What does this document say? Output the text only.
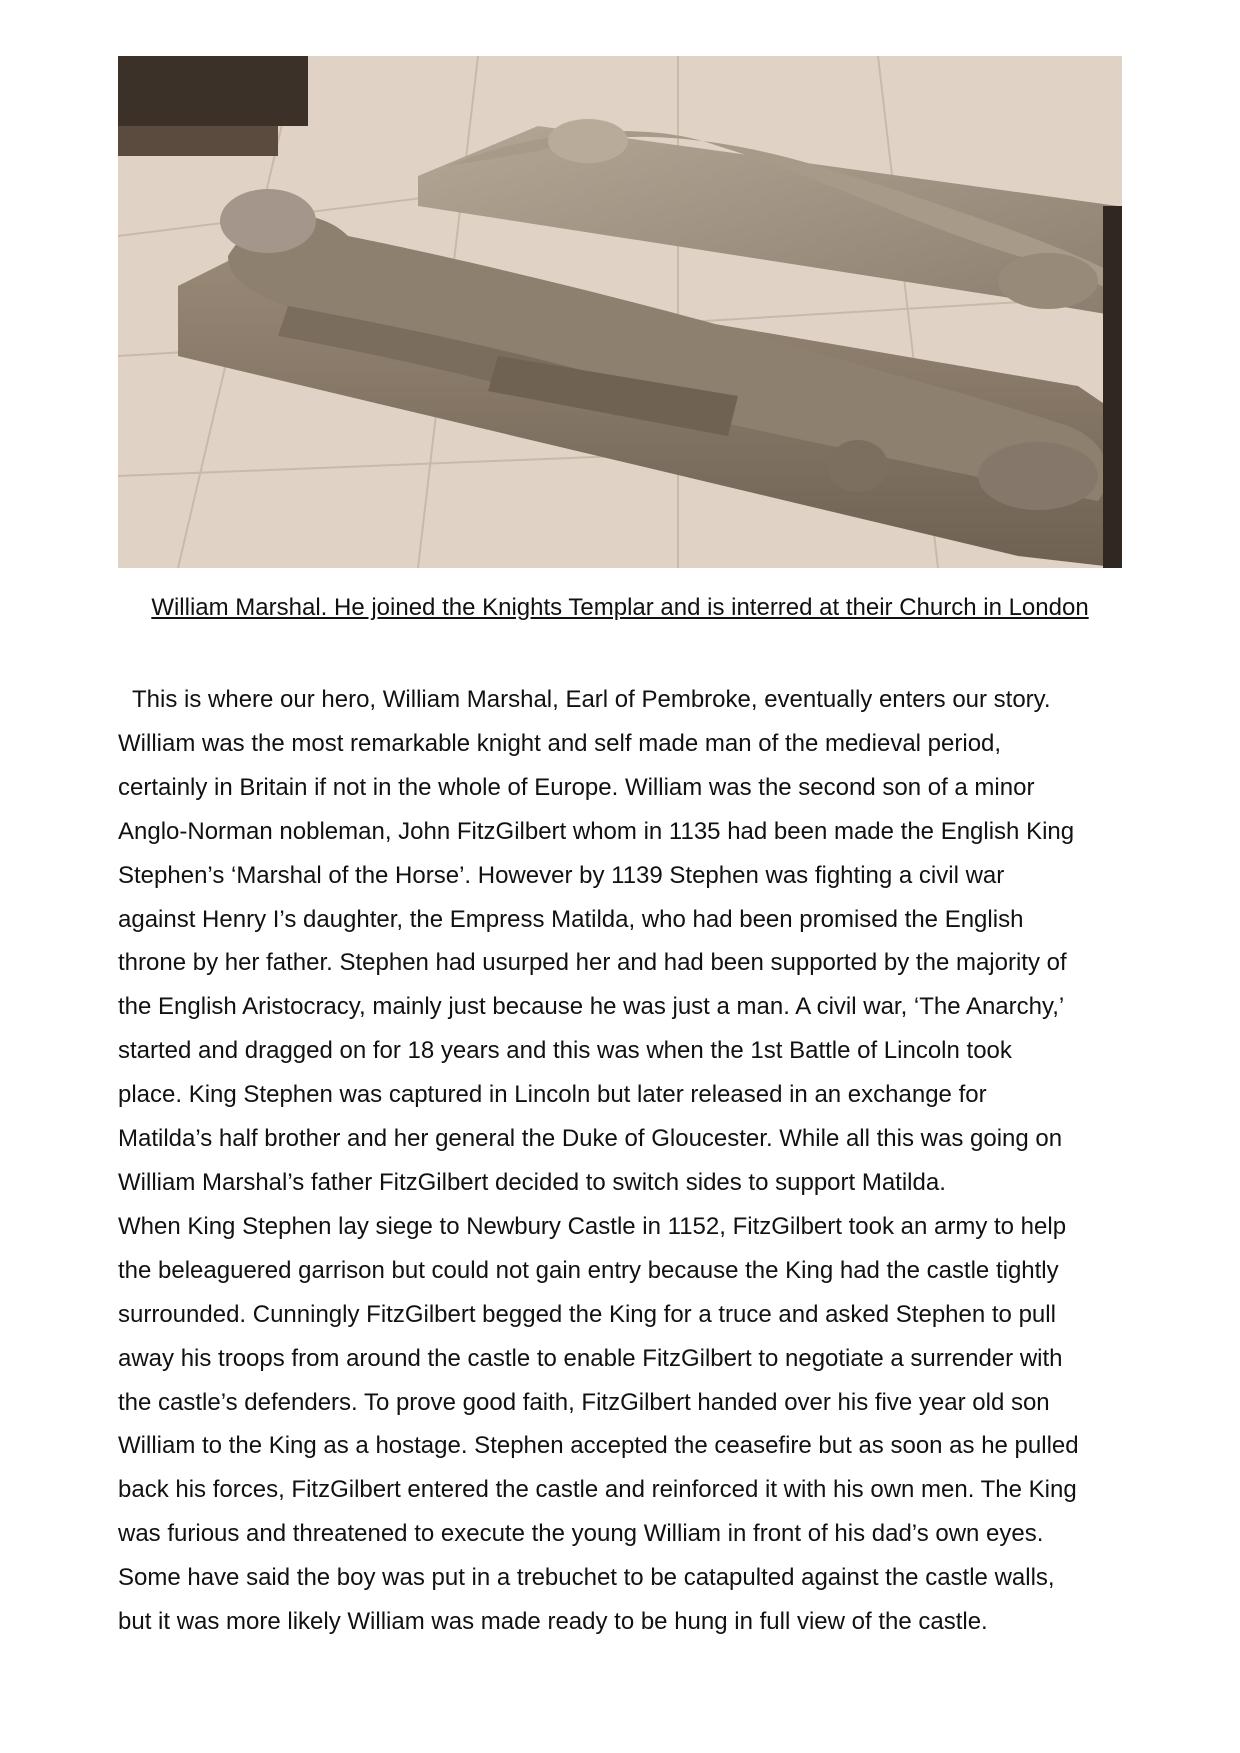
William Marshal. He joined the Knights Templar and is interred at their Church in London

This is where our hero, William Marshal, Earl of Pembroke, eventually enters our story.
William was the most remarkable knight and self made man of the medieval period,
certainly in Britain if not in the whole of Europe. William was the second son of a minor
Anglo-Norman nobleman, John FitzGilbert whom in 1135 had been made the English King
Stephen’s ‘Marshal of the Horse’. However by 1139 Stephen was fighting a civil war
against Henry I’s daughter, the Empress Matilda, who had been promised the English
throne by her father. Stephen had usurped her and had been supported by the majority of
the English Aristocracy, mainly just because he was just a man. A civil war, ‘The Anarchy,’
started and dragged on for 18 years and this was when the 1st Battle of Lincoln took
place. King Stephen was captured in Lincoln but later released in an exchange for
Matilda’s half brother and her general the Duke of Gloucester. While all this was going on
William Marshal’s father FitzGilbert decided to switch sides to support Matilda.
When King Stephen lay siege to Newbury Castle in 1152, FitzGilbert took an army to help
the beleaguered garrison but could not gain entry because the King had the castle tightly
surrounded. Cunningly FitzGilbert begged the King for a truce and asked Stephen to pull
away his troops from around the castle to enable FitzGilbert to negotiate a surrender with
the castle’s defenders. To prove good faith, FitzGilbert handed over his five year old son
William to the King as a hostage. Stephen accepted the ceasefire but as soon as he pulled
back his forces, FitzGilbert entered the castle and reinforced it with his own men. The King
was furious and threatened to execute the young William in front of his dad’s own eyes.
Some have said the boy was put in a trebuchet to be catapulted against the castle walls,
but it was more likely William was made ready to be hung in full view of the castle.
